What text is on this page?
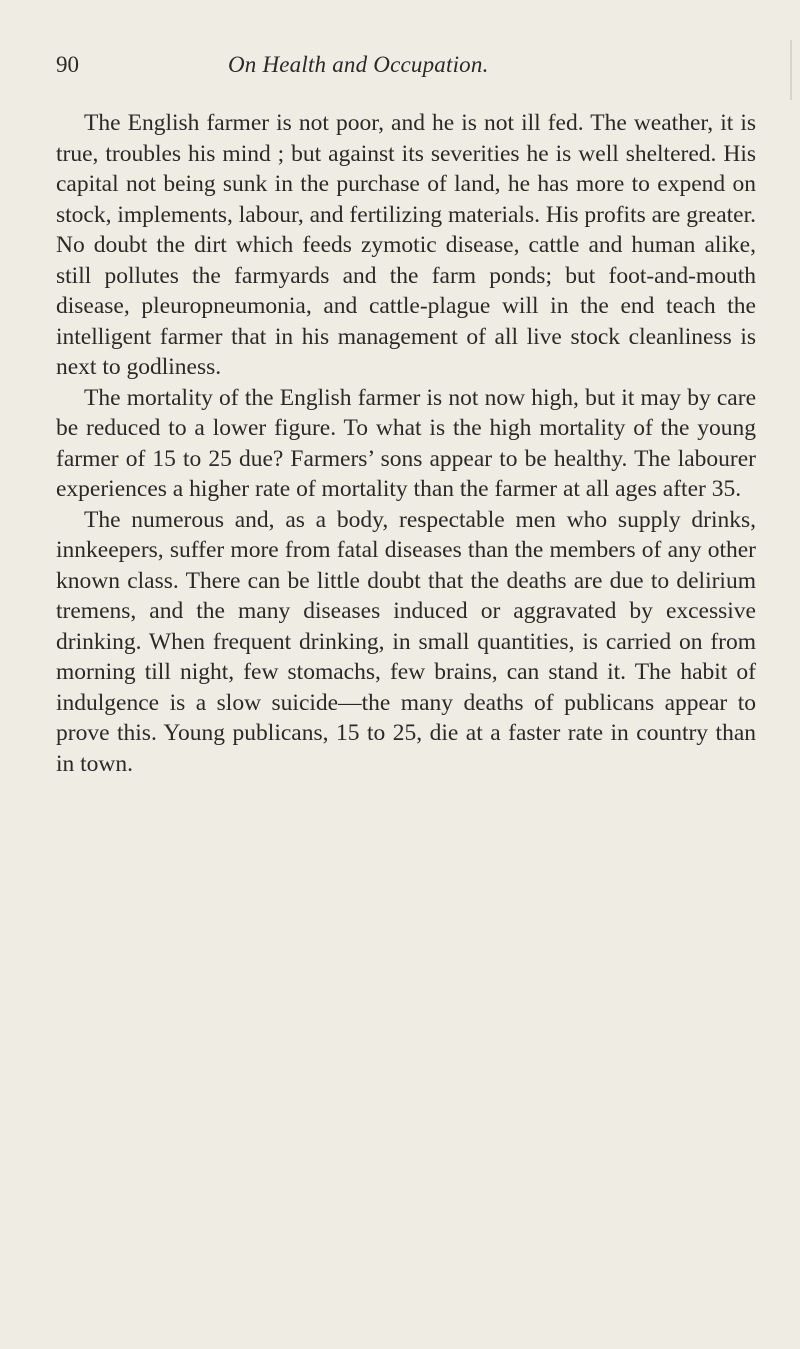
90	On Health and Occupation.

The English farmer is not poor, and he is not ill fed. The weather, it is true, troubles his mind ; but against its severities he is well sheltered. His capital not being sunk in the purchase of land, he has more to expend on stock, implements, labour, and fertilizing materials. His profits are greater. No doubt the dirt which feeds zymotic disease, cattle and human alike, still pollutes the farmyards and the farm ponds; but foot-and-mouth disease, pleuropneumonia, and cattle-plague will in the end teach the intelligent farmer that in his management of all live stock cleanliness is next to godliness.

The mortality of the English farmer is not now high, but it may by care be reduced to a lower figure. To what is the high mortality of the young farmer of 15 to 25 due? Farmers’ sons appear to be healthy. The labourer experiences a higher rate of mortality than the farmer at all ages after 35.

The numerous and, as a body, respectable men who supply drinks, innkeepers, suffer more from fatal diseases than the members of any other known class. There can be little doubt that the deaths are due to delirium tremens, and the many diseases induced or aggravated by excessive drinking. When frequent drinking, in small quantities, is carried on from morning till night, few stomachs, few brains, can stand it. The habit of indulgence is a slow suicide—the many deaths of publicans appear to prove this. Young publicans, 15 to 25, die at a faster rate in country than in town.
